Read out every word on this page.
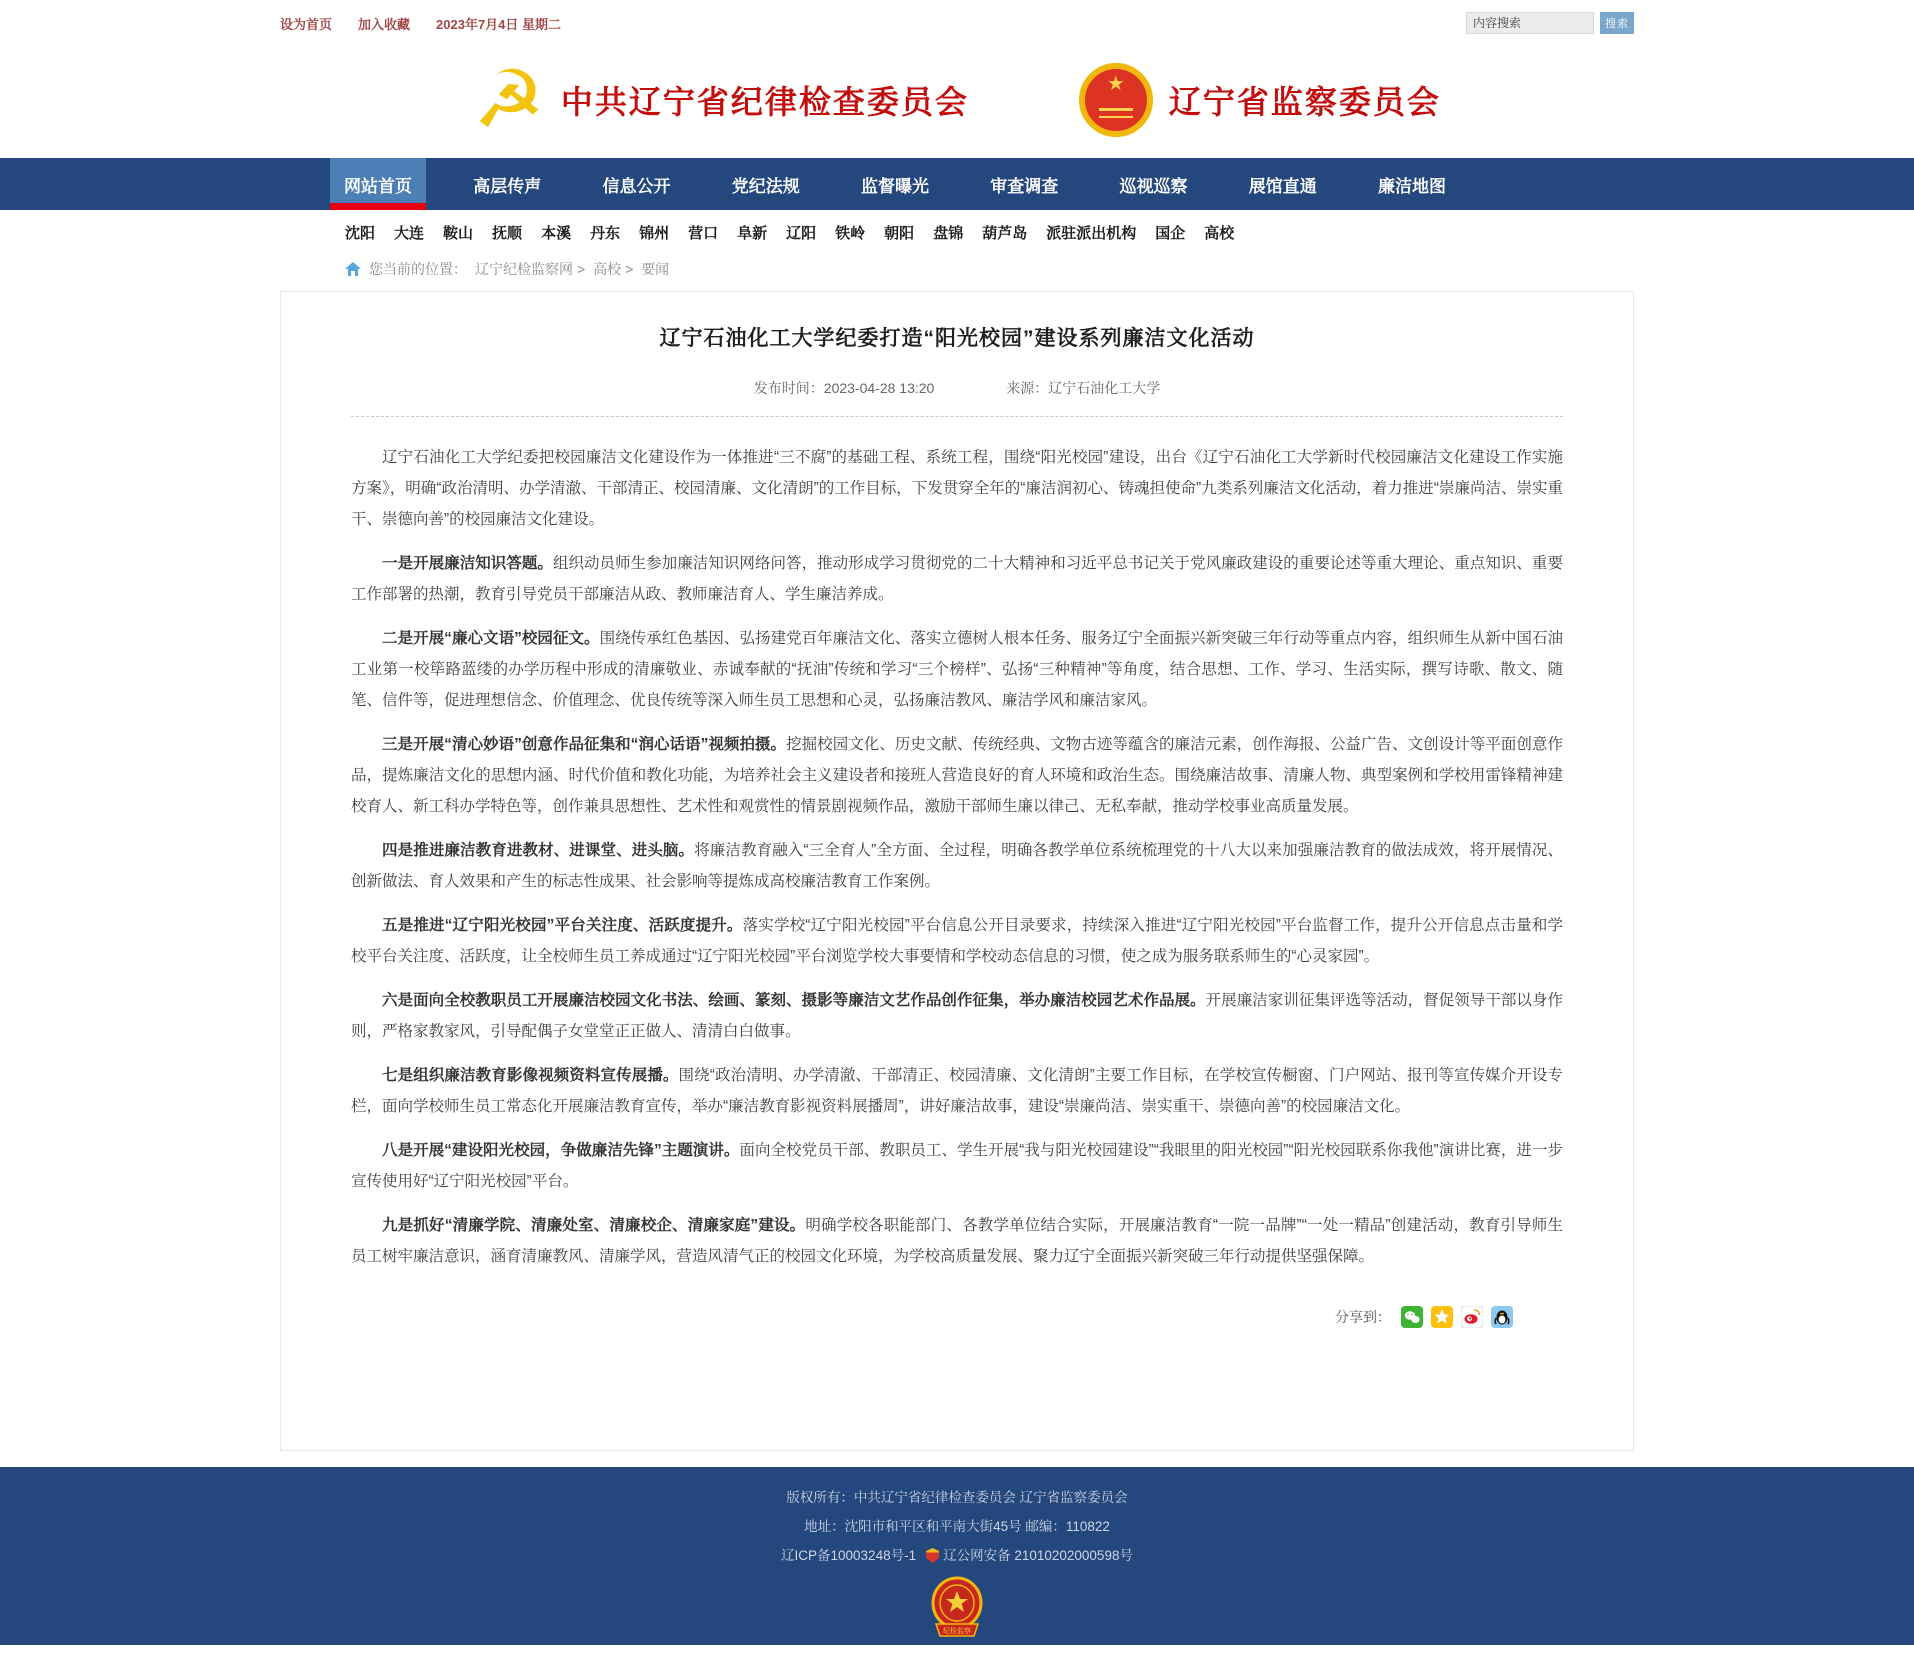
设为首页 加入收藏 2023年7月4日 星期二
内容搜索	搜索
☭ 中共辽宁省纪律检查委员会	★	辽宁省监察委员会
网站首页	高层传声	信息公开	党纪法规	监督曝光	审查调查	巡视巡察	展馆直通	廉洁地图
沈阳 大连 鞍山 抚顺 本溪 丹东 锦州 营口 阜新 辽阳 铁岭 朝阳 盘锦 葫芦岛 派驻派出机构 国企 高校
您当前的位置： 辽宁纪检监察网	> 高校	> 要闻
辽宁石油化工大学纪委打造“阳光校园”建设系列廉洁文化活动
发布时间：2023-04-28 13:20	来源：辽宁石油化工大学

辽宁石油化工大学纪委把校园廉洁文化建设作为一体推进“三不腐”的基础工程、系统工程，围绕“阳光校园”建设，出台《辽宁石油化工大学新时代校园廉洁文化建设工作实施方案》，明确“政治清明、办学清澈、干部清正、校园清廉、文化清朗”的工作目标，下发贯穿全年的“廉洁润初心、铸魂担使命”九类系列廉洁文化活动，着力推进“崇廉尚洁、崇实重干、崇德向善”的校园廉洁文化建设。

一是开展廉洁知识答题。组织动员师生参加廉洁知识网络问答，推动形成学习贯彻党的二十大精神和习近平总书记关于党风廉政建设的重要论述等重大理论、重点知识、重要工作部署的热潮，教育引导党员干部廉洁从政、教师廉洁育人、学生廉洁养成。

二是开展“廉心文语”校园征文。围绕传承红色基因、弘扬建党百年廉洁文化、落实立德树人根本任务、服务辽宁全面振兴新突破三年行动等重点内容，组织师生从新中国石油工业第一校筚路蓝缕的办学历程中形成的清廉敬业、赤诚奉献的“抚油”传统和学习“三个榜样”、弘扬“三种精神”等角度，结合思想、工作、学习、生活实际，撰写诗歌、散文、随笔、信件等，促进理想信念、价值理念、优良传统等深入师生员工思想和心灵，弘扬廉洁教风、廉洁学风和廉洁家风。

三是开展“清心妙语”创意作品征集和“润心话语”视频拍摄。挖掘校园文化、历史文献、传统经典、文物古迹等蕴含的廉洁元素，创作海报、公益广告、文创设计等平面创意作品，提炼廉洁文化的思想内涵、时代价值和教化功能，为培养社会主义建设者和接班人营造良好的育人环境和政治生态。围绕廉洁故事、清廉人物、典型案例和学校用雷锋精神建校育人、新工科办学特色等，创作兼具思想性、艺术性和观赏性的情景剧视频作品，激励干部师生廉以律己、无私奉献，推动学校事业高质量发展。

四是推进廉洁教育进教材、进课堂、进头脑。将廉洁教育融入“三全育人”全方面、全过程，明确各教学单位系统梳理党的十八大以来加强廉洁教育的做法成效，将开展情况、创新做法、育人效果和产生的标志性成果、社会影响等提炼成高校廉洁教育工作案例。

五是推进“辽宁阳光校园”平台关注度、活跃度提升。落实学校“辽宁阳光校园”平台信息公开目录要求，持续深入推进“辽宁阳光校园”平台监督工作，提升公开信息点击量和学校平台关注度、活跃度，让全校师生员工养成通过“辽宁阳光校园”平台浏览学校大事要情和学校动态信息的习惯，使之成为服务联系师生的“心灵家园”。

六是面向全校教职员工开展廉洁校园文化书法、绘画、篆刻、摄影等廉洁文艺作品创作征集，举办廉洁校园艺术作品展。开展廉洁家训征集评选等活动，督促领导干部以身作则，严格家教家风，引导配偶子女堂堂正正做人、清清白白做事。

七是组织廉洁教育影像视频资料宣传展播。围绕“政治清明、办学清澈、干部清正、校园清廉、文化清朗”主要工作目标，在学校宣传橱窗、门户网站、报刊等宣传媒介开设专栏，面向学校师生员工常态化开展廉洁教育宣传，举办“廉洁教育影视资料展播周”，讲好廉洁故事，建设“崇廉尚洁、崇实重干、崇德向善”的校园廉洁文化。

八是开展“建设阳光校园，争做廉洁先锋”主题演讲。面向全校党员干部、教职员工、学生开展“我与阳光校园建设”“我眼里的阳光校园”“阳光校园联系你我他”演讲比赛，进一步宣传使用好“辽宁阳光校园”平台。

九是抓好“清廉学院、清廉处室、清廉校企、清廉家庭”建设。明确学校各职能部门、各教学单位结合实际，开展廉洁教育“一院一品牌”“一处一精品”创建活动，教育引导师生员工树牢廉洁意识，涵育清廉教风、清廉学风，营造风清气正的校园文化环境，为学校高质量发展、聚力辽宁全面振兴新突破三年行动提供坚强保障。

分享到：
版权所有：中共辽宁省纪律检查委员会 辽宁省监察委员会
地址：沈阳市和平区和平南大街45号 邮编：110822
辽ICP备10003248号-1 辽公网安备 21010202000598号
纪检监察
